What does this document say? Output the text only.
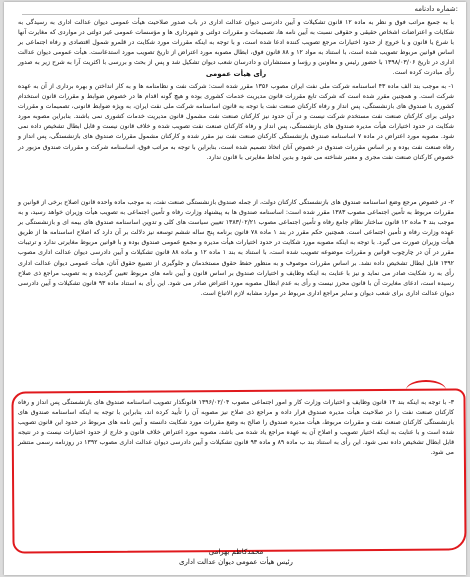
شماره دادنامه:

با به جمیع مراتب فوق و نظر به ماده ۱۲ قانون تشکیلات و آیین دادرسی دیوان عدالت اداری در باب صدور صلاحیت هیأت عمومی دیوان عدالت اداری به رسیدگی به شکایات و اعتراضات اشخاص حقیقی و حقوقی نسبت به آیین نامه ها، تصمیمات و مقررات دولتی و شهرداری ها و مؤسسات عمومی غیر دولتی در مواردی که مغایرت آنها با شرع یا قانون و یا خروج از حدود اختیارات مرجع تصویب کننده ادعا شده است، و با توجه به اینکه مقررات مورد شکایت در قلمرو شمول اقتصادی و رفاه اجتماعی بر اساس قوانین مربوط تصویب شده است، با استناد به مواد ۱۲ و ۸۸ قانون فوق، ابطال مصوبه مورد اعتراض از تاریخ تصویب مورد استدعاست. هیأت عمومی دیوان عدالت اداری در تاریخ ۱۳۹۸/۰۳/۰۶ با حضور رئیس و معاونین و رؤسا و مستشاران و دادرسان شعب دیوان تشکیل شد و پس از بحث و بررسی با اکثریت آرا به شرح زیر به صدور رأی مبادرت کرده است.

رأی هیأت عمومی

۱- به موجب بند الف ماده ۴۳ اساسنامه شرکت ملی نفت ایران مصوب ۱۳۵۶ مقرر شده است: شرکت نفت و نظامنامه ها و به کار انداختن و بهره برداری از آن به عهده شرکت است. و همچنین مقرر شده است که شرکت تابع مقررات قانون مدیریت خدمات کشوری بوده و هیچ گونه اقدام ها در خصوص ضوابط و مقررات قانون استخدام کشوری با صندوق های بازنشستگی، پس انداز و رفاه کارکنان صنعت نفت با توجه به قانون اساسنامه شرکت ملی نفت ایران، به ویژه ضوابط قانونی، تصمیمات و مقررات دولتی برای کارکنان صنعت نفت مستخدم شرکت نیست و در آن حدود نیز کارکنان صنعت نفت مشمول قانون مدیریت خدمات کشوری نمی باشند. بنابراین مصوبه مورد شکایت در حدود اختیارات هیأت مدیره صندوق های بازنشستگی، پس انداز و رفاه کارکنان صنعت نفت تصویب شده و خلاف قانون نیست و قابل ابطال تشخیص داده نمی شود. مصوبه مورد اعتراض در ماده ۷ اساسنامه صندوق بازنشستگی کارکنان صنعت نفت نیز مقرر شده و کارکنان مشمول مقررات صندوق های بازنشستگی، پس انداز و رفاه صنعت نفت بوده و بر اساس مقررات صندوق در خصوص آنان اتخاذ تصمیم شده است، بنابراین با توجه به مراتب فوق، اساسنامه شرکت و مقررات صندوق مزبور در خصوص کارکنان صنعت نفت مجری و معتبر شناخته می شود و بدین لحاظ مغایرتی با قانون ندارد.

۲- در خصوص مرجع وضع اساسنامه صندوق های بازنشستگی کارکنان دولت، از جمله صندوق بازنشستگی صنعت نفت، به موجب ماده واحده قانون اصلاح برخی از قوانین و مقررات مربوط به تأمین اجتماعی مصوب ۱۳۸۳ مقرر شده است: اساسنامه صندوق ها به پیشنهاد وزارت رفاه و تأمین اجتماعی به تصویب هیأت وزیران خواهد رسید، و به موجب بند ۴ ماده ۱۲ قانون ساختار نظام جامع رفاه و تأمین اجتماعی مصوب ۱۳۸۳/۰۲/۲۱ تعیین سیاست های کلی و تدوین اساسنامه صندوق های بیمه ای و بازنشستگی بر عهده وزارت رفاه و تأمین اجتماعی است. همچنین حکم مقرر در بند ۱ ماده ۷۸ قانون برنامه پنج ساله ششم توسعه نیز دلالت بر آن دارد که اصلاح اساسنامه ها از طریق هیأت وزیران صورت می گیرد. با توجه به اینکه مصوبه مورد شکایت در حدود اختیارات هیأت مدیره و مجمع عمومی صندوق بوده و با قوانین مربوط مغایرتی ندارد و ترتیبات مقرر در آن در چارچوب قوانین و مقررات موضوعه تصویب شده است، با استناد به بند ۱ ماده ۱۲ و ماده ۸۸ قانون تشکیلات و آیین دادرسی دیوان عدالت اداری مصوب ۱۳۹۲ قابل ابطال تشخیص داده نشد. بر اساس مقررات موصوف و به منظور حفظ حقوق مستخدمان و جلوگیری از تضییع حقوق آنان، هیأت عمومی دیوان عدالت اداری رأی به رد شکایت صادر می نماید و نیز با عنایت به اینکه وظایف و اختیارات صندوق بر اساس قانون و آیین نامه های مربوط تعیین گردیده و به تصویب مراجع ذی صلاح رسیده است، ادعای مغایرت آن با قانون محرز نیست و رأی به عدم ابطال مصوبه مورد اعتراض صادر می شود. این رأی به استناد ماده ۹۳ قانون تشکیلات و آیین دادرسی دیوان عدالت اداری برای شعب دیوان و سایر مراجع اداری مربوط در موارد مشابه لازم الاتباع است.

۳- با توجه به اینکه بند ۱۴ قانون وظایف و اختیارات وزارت کار و امور اجتماعی مصوب ۱۳۹۶/۰۲/۰۴ قانونگذار تصویب اساسنامه صندوق های بازنشستگی پس انداز و رفاه کارکنان صنعت نفت را در صلاحیت هیأت مدیره صندوق قرار داده و مراجع ذی صلاح نیز مصوبه آن را تأیید کرده اند، بنابراین با توجه به اینکه اساسنامه صندوق های بازنشستگی کارکنان صنعت نفت و مقررات مربوط، هیأت مدیره صندوق را صالح به وضع مقررات مورد شکایت دانسته و آیین نامه های مربوط در حدود این قانون تصویب شده است و با عنایت به اینکه اختیار تصویب و اصلاح آن به عهده مراجع یاد شده می باشد، مصوبه مورد اعتراض خلاف قانون و خارج از حدود اختیارات نیست و در نتیجه قابل ابطال تشخیص داده نمی شود. این رأی به استناد بند ب ماده ۸۹ و ماده ۹۳ قانون تشکیلات و آیین دادرسی دیوان عدالت اداری مصوب ۱۳۹۲ در روزنامه رسمی منتشر می شود.

محمدکاظم بهرامی
رئیس هیأت عمومی دیوان عدالت اداری
